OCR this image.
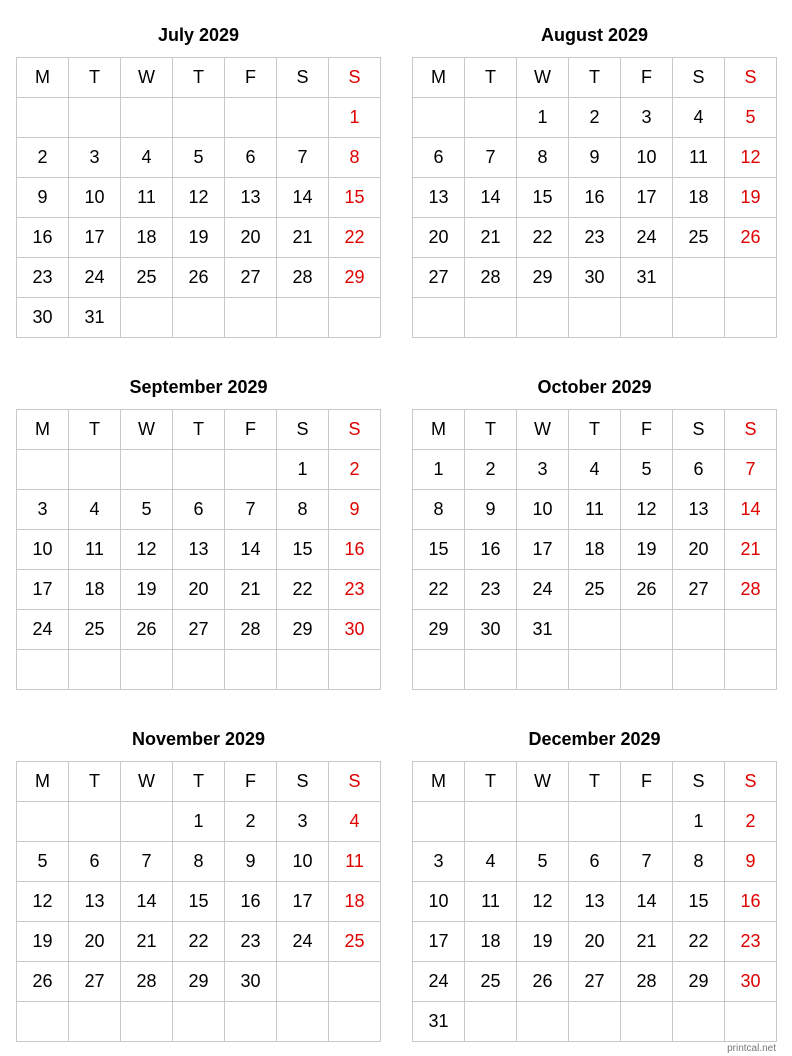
July 2029
M	T	W	T	F	S	S
						1
2	3	4	5	6	7	8
9	10	11	12	13	14	15
16	17	18	19	20	21	22
23	24	25	26	27	28	29
30	31					
August 2029
M	T	W	T	F	S	S
		1	2	3	4	5
6	7	8	9	10	11	12
13	14	15	16	17	18	19
20	21	22	23	24	25	26
27	28	29	30	31		

September 2029
M	T	W	T	F	S	S
					1	2
3	4	5	6	7	8	9
10	11	12	13	14	15	16
17	18	19	20	21	22	23
24	25	26	27	28	29	30

October 2029
M	T	W	T	F	S	S
1	2	3	4	5	6	7
8	9	10	11	12	13	14
15	16	17	18	19	20	21
22	23	24	25	26	27	28
29	30	31				

November 2029
M	T	W	T	F	S	S
			1	2	3	4
5	6	7	8	9	10	11
12	13	14	15	16	17	18
19	20	21	22	23	24	25
26	27	28	29	30		

December 2029
M	T	W	T	F	S	S
					1	2
3	4	5	6	7	8	9
10	11	12	13	14	15	16
17	18	19	20	21	22	23
24	25	26	27	28	29	30
31						
printcal.net
